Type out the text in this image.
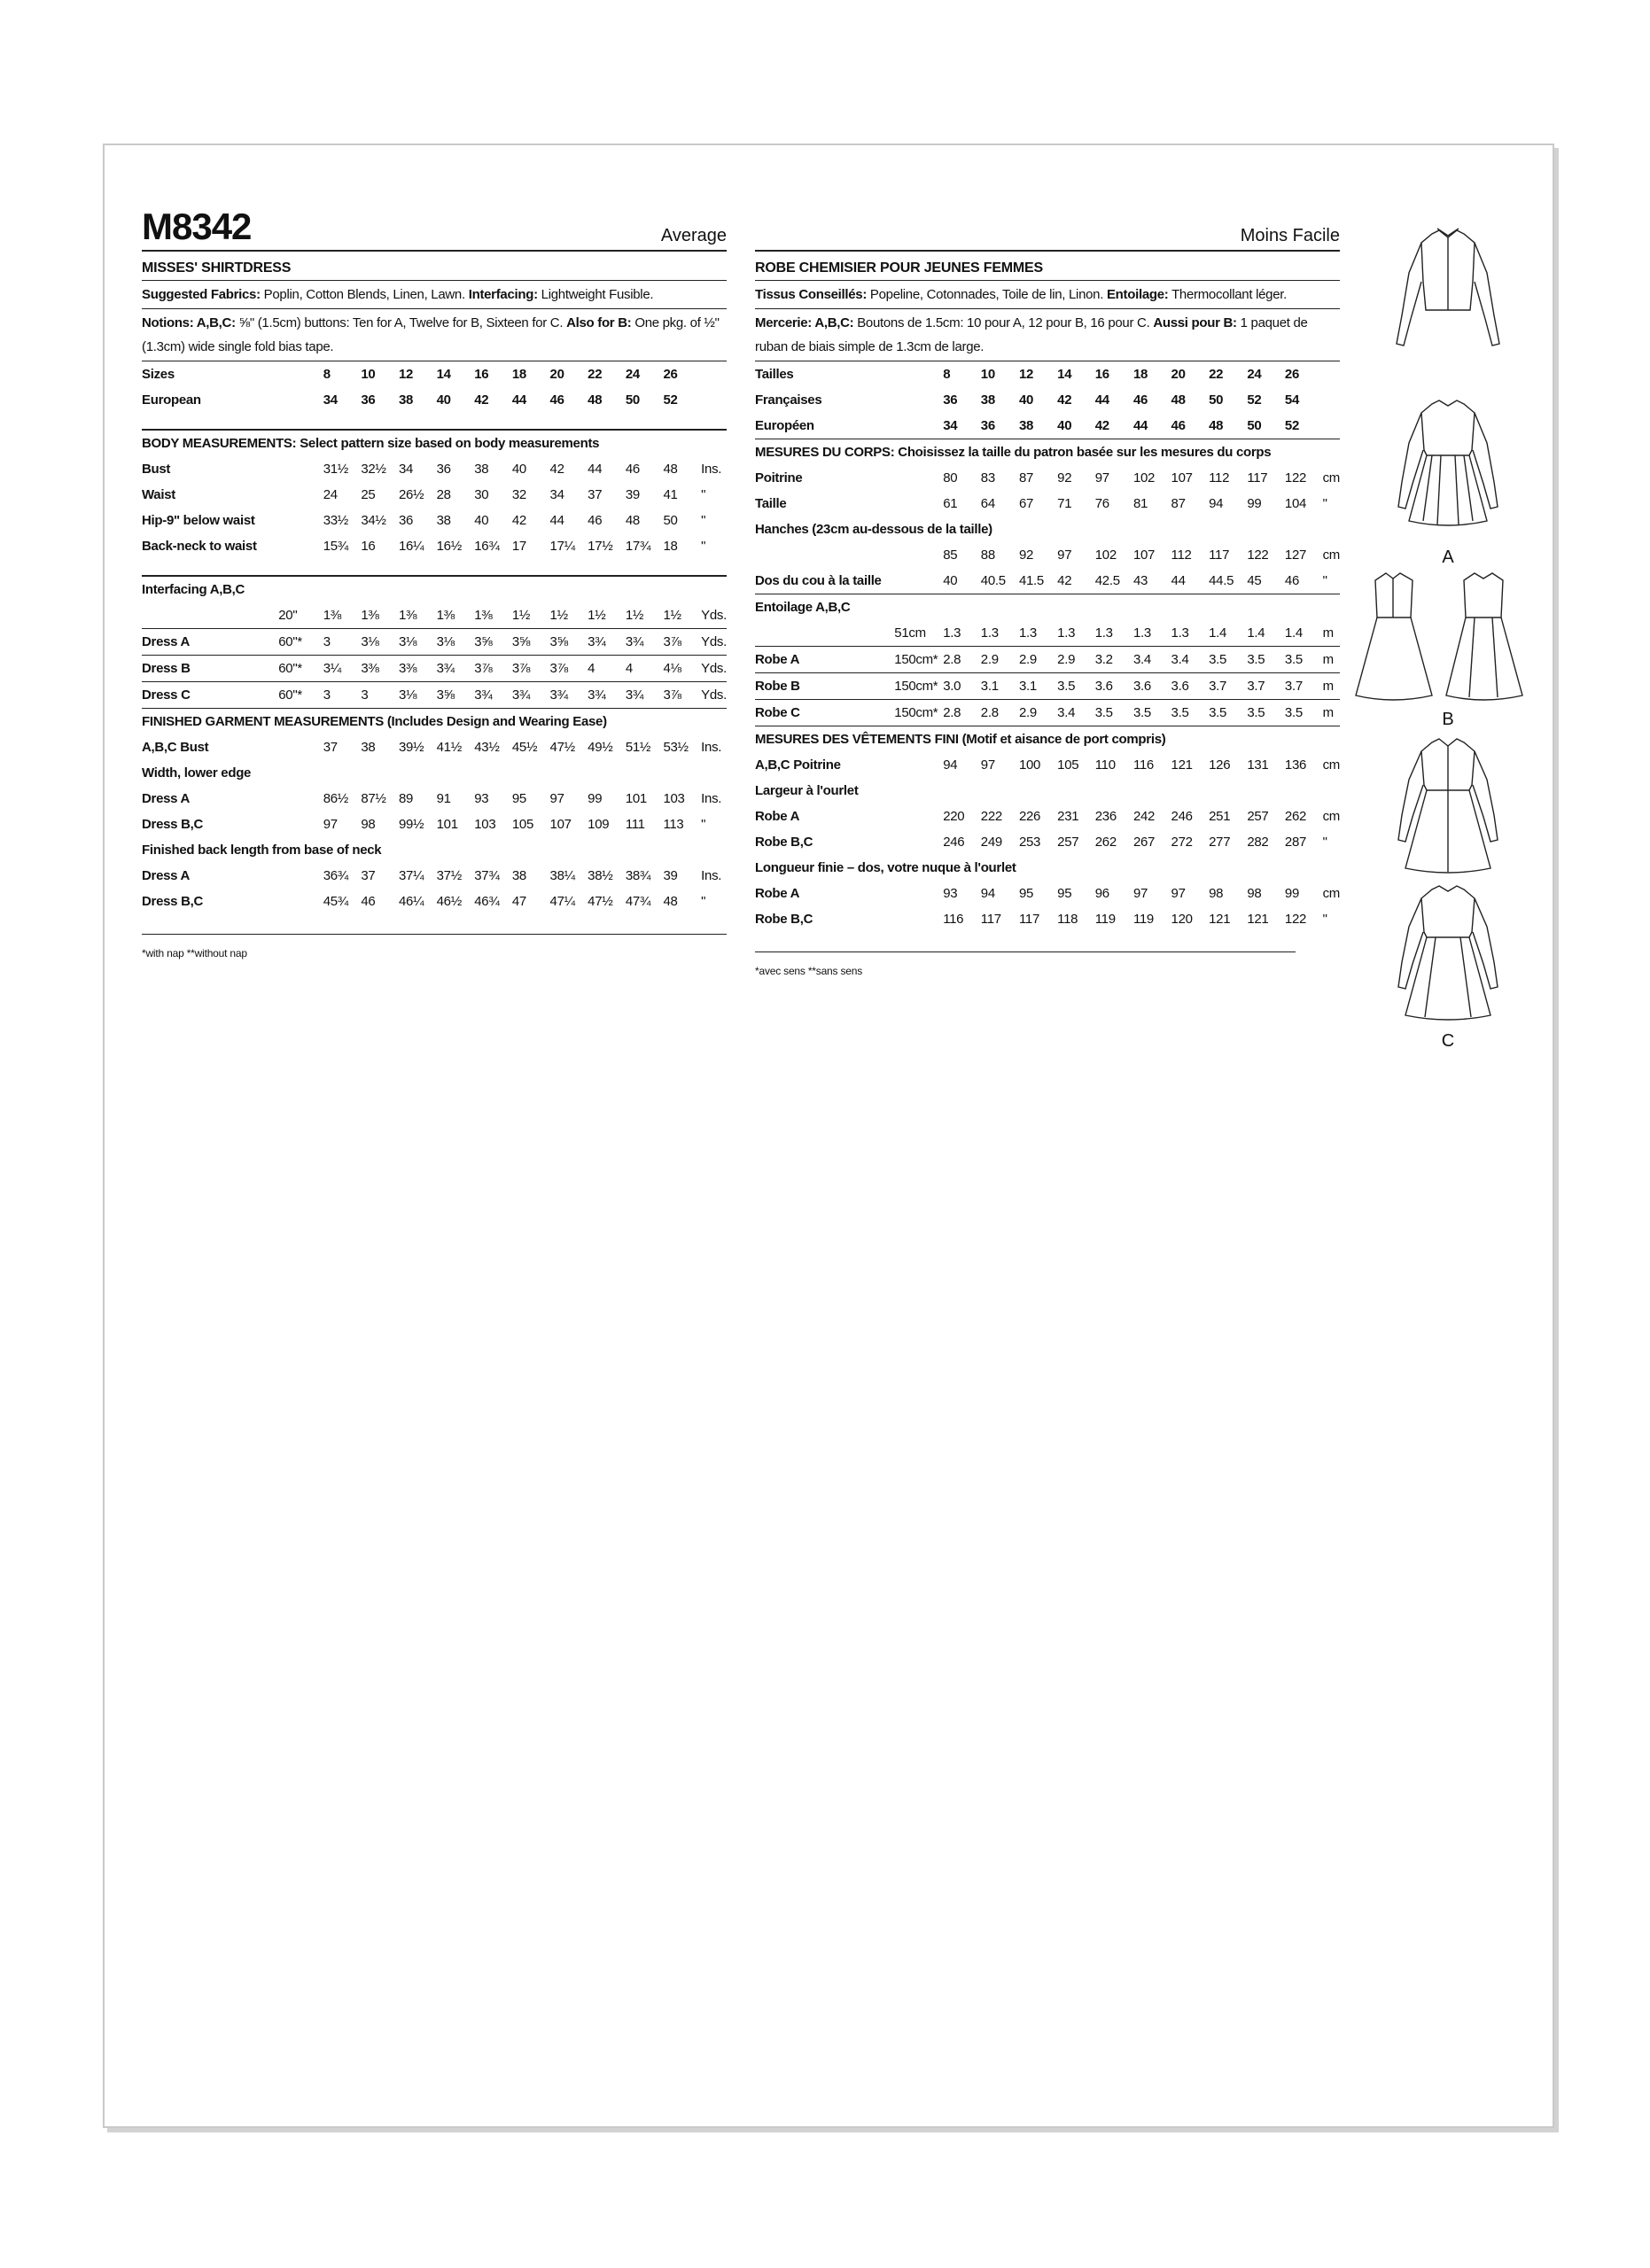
M8342	Average
MISSES' SHIRTDRESS
Suggested Fabrics: Poplin, Cotton Blends, Linen, Lawn. Interfacing: Lightweight Fusible.
Notions: A,B,C: ⅝" (1.5cm) buttons: Ten for A, Twelve for B, Sixteen for C. Also for B: One pkg. of ½" (1.3cm) wide single fold bias tape.
Sizes		8	10	12	14	16	18	20	22	24	26	
European		34	36	38	40	42	44	46	48	50	52	

BODY MEASUREMENTS: Select pattern size based on body measurements												
Bust		31½	32½	34	36	38	40	42	44	46	48	Ins.
Waist		24	25	26½	28	30	32	34	37	39	41	"
Hip-9" below waist		33½	34½	36	38	40	42	44	46	48	50	"
Back-neck to waist		15¾	16	16¼	16½	16¾	17	17¼	17½	17¾	18	"

Interfacing A,B,C												
	20"	1⅜	1⅜	1⅜	1⅜	1⅜	1½	1½	1½	1½	1½	Yds.
Dress A	60"*	3	3⅛	3⅛	3⅛	3⅝	3⅝	3⅝	3¾	3¾	3⅞	Yds.
Dress B	60"*	3¼	3⅜	3⅜	3¾	3⅞	3⅞	3⅞	4	4	4⅛	Yds.
Dress C	60"*	3	3	3⅛	3⅝	3¾	3¾	3¾	3¾	3¾	3⅞	Yds.
FINISHED GARMENT MEASUREMENTS (Includes Design and Wearing Ease)												
A,B,C Bust		37	38	39½	41½	43½	45½	47½	49½	51½	53½	Ins.
Width, lower edge												
Dress A		86½	87½	89	91	93	95	97	99	101	103	Ins.
Dress B,C		97	98	99½	101	103	105	107	109	111	113	"
Finished back length from base of neck												
Dress A		36¾	37	37¼	37½	37¾	38	38¼	38½	38¾	39	Ins.
Dress B,C		45¾	46	46¼	46½	46¾	47	47¼	47½	47¾	48	"
*with nap **without nap
Moins Facile
ROBE CHEMISIER POUR JEUNES FEMMES
Tissus Conseillés: Popeline, Cotonnades, Toile de lin, Linon. Entoilage: Thermocollant léger.
Mercerie: A,B,C: Boutons de 1.5cm: 10 pour A, 12 pour B, 16 pour C. Aussi pour B: 1 paquet de ruban de biais simple de 1.3cm de large.
Tailles		8	10	12	14	16	18	20	22	24	26	
Françaises		36	38	40	42	44	46	48	50	52	54	
Européen		34	36	38	40	42	44	46	48	50	52	
MESURES DU CORPS: Choisissez la taille du patron basée sur les mesures du corps												
Poitrine		80	83	87	92	97	102	107	112	117	122	cm
Taille		61	64	67	71	76	81	87	94	99	104	"
Hanches (23cm au-dessous de la taille)												
		85	88	92	97	102	107	112	117	122	127	cm
Dos du cou à la taille		40	40.5	41.5	42	42.5	43	44	44.5	45	46	"
Entoilage A,B,C												
	51cm	1.3	1.3	1.3	1.3	1.3	1.3	1.3	1.4	1.4	1.4	m
Robe A	150cm*	2.8	2.9	2.9	2.9	3.2	3.4	3.4	3.5	3.5	3.5	m
Robe B	150cm*	3.0	3.1	3.1	3.5	3.6	3.6	3.6	3.7	3.7	3.7	m
Robe C	150cm*	2.8	2.8	2.9	3.4	3.5	3.5	3.5	3.5	3.5	3.5	m
MESURES DES VÊTEMENTS FINI (Motif et aisance de port compris)												
A,B,C Poitrine		94	97	100	105	110	116	121	126	131	136	cm
Largeur à l'ourlet												
Robe A		220	222	226	231	236	242	246	251	257	262	cm
Robe B,C		246	249	253	257	262	267	272	277	282	287	"
Longueur finie – dos, votre nuque à l'ourlet												
Robe A		93	94	95	95	96	97	97	98	98	99	cm
Robe B,C		116	117	117	118	119	119	120	121	121	122	"
*avec sens **sans sens
A
B
C
